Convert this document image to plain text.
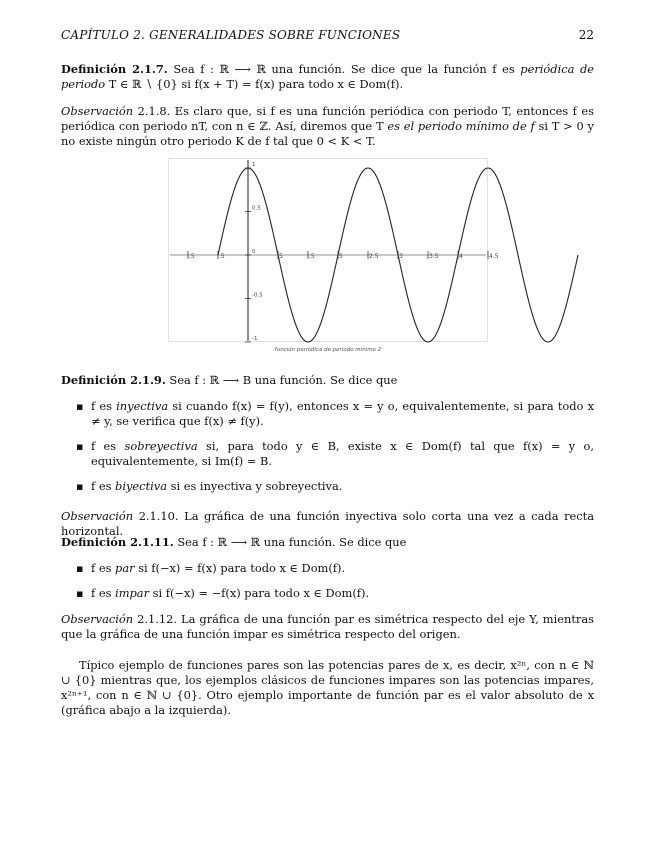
CAPÍTULO 2. GENERALIDADES SOBRE FUNCIONES	22
Definición 2.1.7. Sea f : ℝ ⟶ ℝ una función. Se dice que la función f es periódica de periodo T ∈ ℝ ∖ {0} si f(x + T) = f(x) para todo x ∈ Dom(f).
Observación 2.1.8. Es claro que, si f es una función periódica con periodo T, entonces f es periódica con periodo nT, con n ∈ ℤ. Así, diremos que T es el periodo mínimo de f si T > 0 y no existe ningún otro periodo K de f tal que 0 < K < T.
.5	.5	5	.5	5	2.5	3	3.5	4	4.5
1
0.5
0
-0.5
-1
función periódica de periodo mínimo 2
Definición 2.1.9. Sea f : ℝ ⟶ B una función. Se dice que
▪ f es inyectiva si cuando f(x) = f(y), entonces x = y o, equivalentemente, si para todo x ≠ y, se verifica que f(x) ≠ f(y).
▪ f es sobreyectiva si, para todo y ∈ B, existe x ∈ Dom(f) tal que f(x) = y o, equivalentemente, si Im(f) = B.
▪ f es biyectiva si es inyectiva y sobreyectiva.
Observación 2.1.10. La gráfica de una función inyectiva solo corta una vez a cada recta horizontal.
Definición 2.1.11. Sea f : ℝ ⟶ ℝ una función. Se dice que
▪ f es par si f(−x) = f(x) para todo x ∈ Dom(f).
▪ f es impar si f(−x) = −f(x) para todo x ∈ Dom(f).
Observación 2.1.12. La gráfica de una función par es simétrica respecto del eje Y, mientras que la gráfica de una función impar es simétrica respecto del origen.
Típico ejemplo de funciones pares son las potencias pares de x, es decir, x²ⁿ, con n ∈ ℕ ∪ {0} mientras que, los ejemplos clásicos de funciones impares son las potencias impares, x²ⁿ⁺¹, con n ∈ ℕ ∪ {0}. Otro ejemplo importante de función par es el valor absoluto de x (gráfica abajo a la izquierda).
